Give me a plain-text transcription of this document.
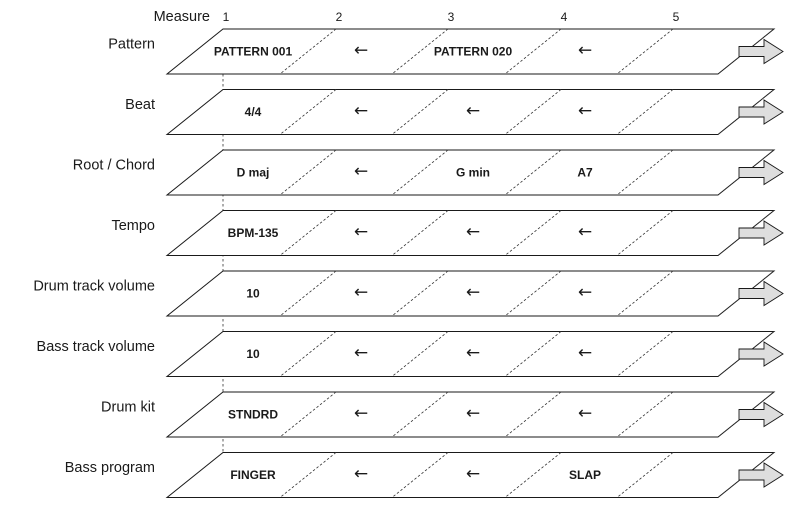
Measure 1	2	3	4	5
Pattern	PATTERN 001	←	PATTERN 020	←
Beat	4/4	←	←	←
Root / Chord	D maj	←	G min	A7
Tempo	BPM-135	←	←	←
Drum track volume	10	←	←	←
Bass track volume	10	←	←	←
Drum kit	STNDRD	←	←	←
Bass program	FINGER	←	←	SLAP
